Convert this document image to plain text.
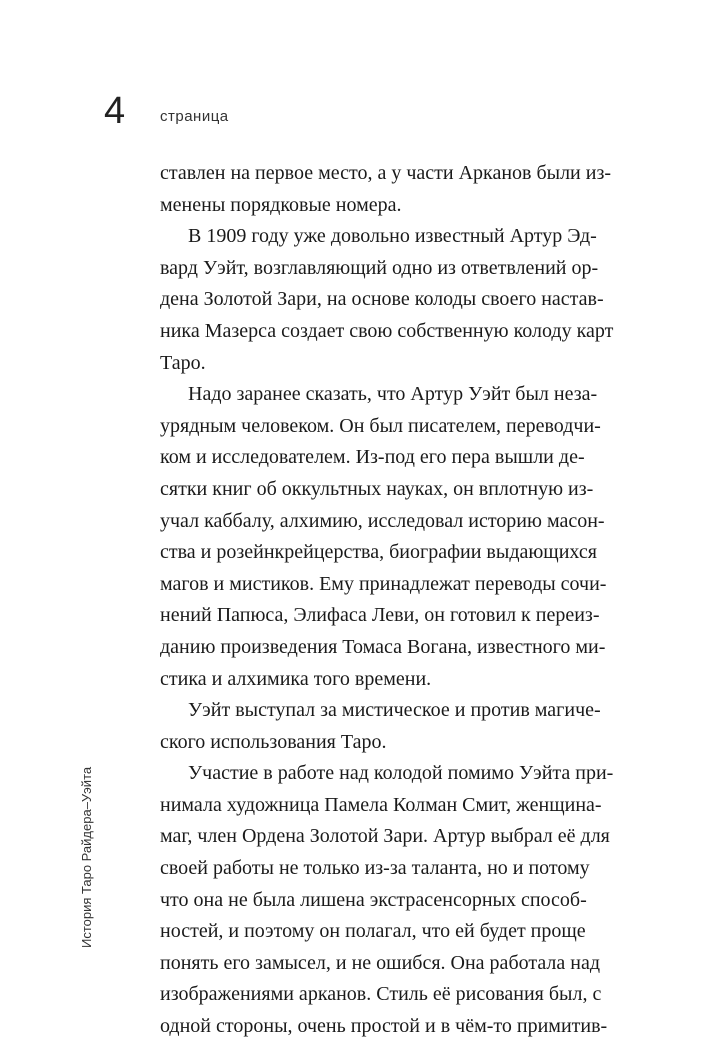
4 страница
История Таро Райдера–Уэйта
ставлен на первое место, а у части Арканов были из-
менены порядковые номера.
В 1909 году уже довольно известный Артур Эд-
вард Уэйт, возглавляющий одно из ответвлений ор-
дена Золотой Зари, на основе колоды своего настав-
ника Мазерса создает свою собственную колоду карт
Таро.
Надо заранее сказать, что Артур Уэйт был неза-
урядным человеком. Он был писателем, переводчи-
ком и исследователем. Из-под его пера вышли де-
сятки книг об оккультных науках, он вплотную из-
учал каббалу, алхимию, исследовал историю масон-
ства и розейнкрейцерства, биографии выдающихся
магов и мистиков. Ему принадлежат переводы сочи-
нений Папюса, Элифаса Леви, он готовил к переиз-
данию произведения Томаса Вогана, известного ми-
стика и алхимика того времени.
Уэйт выступал за мистическое и против магиче-
ского использования Таро.
Участие в работе над колодой помимо Уэйта при-
нимала художница Памела Колман Смит, женщина-
маг, член Ордена Золотой Зари. Артур выбрал её для
своей работы не только из-за таланта, но и потому
что она не была лишена экстрасенсорных способ-
ностей, и поэтому он полагал, что ей будет проще
понять его замысел, и не ошибся. Она работала над
изображениями арканов. Стиль её рисования был, с
одной стороны, очень простой и в чём-то примитив-
